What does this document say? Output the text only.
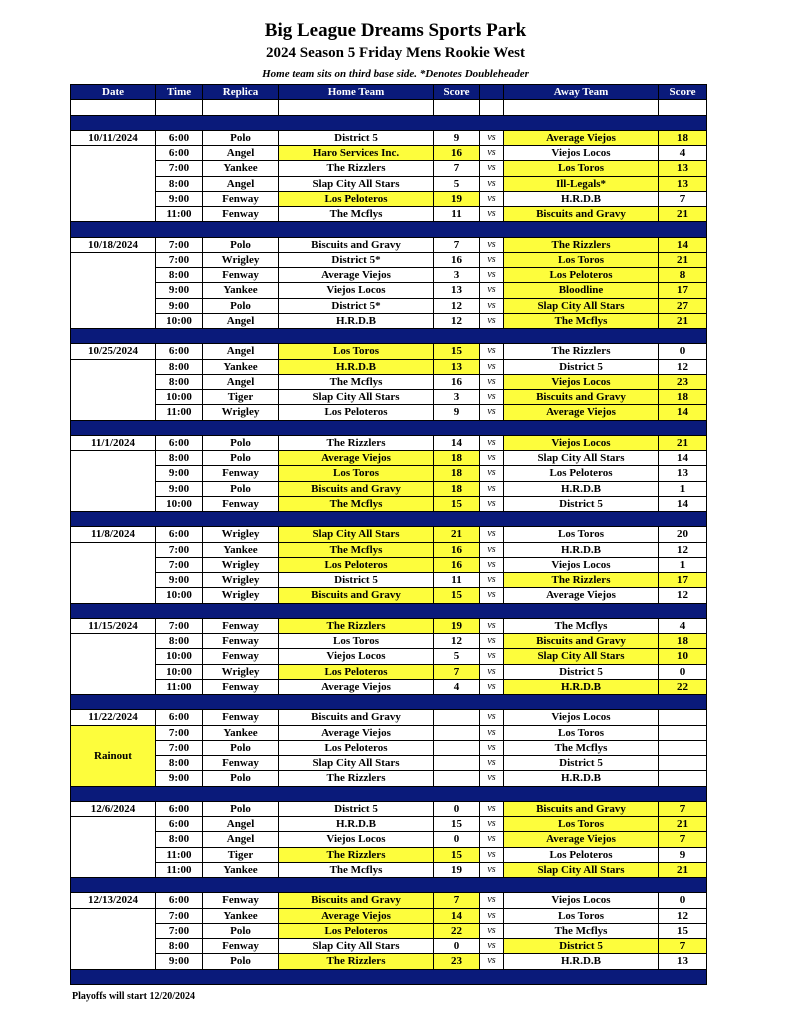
Big League Dreams Sports Park
2024 Season 5 Friday Mens Rookie West
Home team sits on third base side. *Denotes Doubleheader
Date	Time	Replica	Home Team	Score		Away Team	Score

10/11/2024	6:00	Polo	District 5	9	vs	Average Viejos	18
	6:00	Angel	Haro Services Inc.	16	vs	Viejos Locos	4
	7:00	Yankee	The Rizzlers	7	vs	Los Toros	13
	8:00	Angel	Slap City All Stars	5	vs	Ill-Legals*	13
	9:00	Fenway	Los Peloteros	19	vs	H.R.D.B	7
	11:00	Fenway	The Mcflys	11	vs	Biscuits and Gravy	21

10/18/2024	7:00	Polo	Biscuits and Gravy	7	vs	The Rizzlers	14
	7:00	Wrigley	District 5*	16	vs	Los Toros	21
	8:00	Fenway	Average Viejos	3	vs	Los Peloteros	8
	9:00	Yankee	Viejos Locos	13	vs	Bloodline	17
	9:00	Polo	District 5*	12	vs	Slap City All Stars	27
	10:00	Angel	H.R.D.B	12	vs	The Mcflys	21

10/25/2024	6:00	Angel	Los Toros	15	vs	The Rizzlers	0
	8:00	Yankee	H.R.D.B	13	vs	District 5	12
	8:00	Angel	The Mcflys	16	vs	Viejos Locos	23
	10:00	Tiger	Slap City All Stars	3	vs	Biscuits and Gravy	18
	11:00	Wrigley	Los Peloteros	9	vs	Average Viejos	14

11/1/2024	6:00	Polo	The Rizzlers	14	vs	Viejos Locos	21
	8:00	Polo	Average Viejos	18	vs	Slap City All Stars	14
	9:00	Fenway	Los Toros	18	vs	Los Peloteros	13
	9:00	Polo	Biscuits and Gravy	18	vs	H.R.D.B	1
	10:00	Fenway	The Mcflys	15	vs	District 5	14

11/8/2024	6:00	Wrigley	Slap City All Stars	21	vs	Los Toros	20
	7:00	Yankee	The Mcflys	16	vs	H.R.D.B	12
	7:00	Wrigley	Los Peloteros	16	vs	Viejos Locos	1
	9:00	Wrigley	District 5	11	vs	The Rizzlers	17
	10:00	Wrigley	Biscuits and Gravy	15	vs	Average Viejos	12

11/15/2024	7:00	Fenway	The Rizzlers	19	vs	The Mcflys	4
	8:00	Fenway	Los Toros	12	vs	Biscuits and Gravy	18
	10:00	Fenway	Viejos Locos	5	vs	Slap City All Stars	10
	10:00	Wrigley	Los Peloteros	7	vs	District 5	0
	11:00	Fenway	Average Viejos	4	vs	H.R.D.B	22

11/22/2024	6:00	Fenway	Biscuits and Gravy		vs	Viejos Locos	
Rainout	7:00	Yankee	Average Viejos		vs	Los Toros	
	7:00	Polo	Los Peloteros		vs	The Mcflys	
	8:00	Fenway	Slap City All Stars		vs	District 5	
	9:00	Polo	The Rizzlers		vs	H.R.D.B	

12/6/2024	6:00	Polo	District 5	0	vs	Biscuits and Gravy	7
	6:00	Angel	H.R.D.B	15	vs	Los Toros	21
	8:00	Angel	Viejos Locos	0	vs	Average Viejos	7
	11:00	Tiger	The Rizzlers	15	vs	Los Peloteros	9
	11:00	Yankee	The Mcflys	19	vs	Slap City All Stars	21

12/13/2024	6:00	Fenway	Biscuits and Gravy	7	vs	Viejos Locos	0
	7:00	Yankee	Average Viejos	14	vs	Los Toros	12
	7:00	Polo	Los Peloteros	22	vs	The Mcflys	15
	8:00	Fenway	Slap City All Stars	0	vs	District 5	7
	9:00	Polo	The Rizzlers	23	vs	H.R.D.B	13

Playoffs will start 12/20/2024
